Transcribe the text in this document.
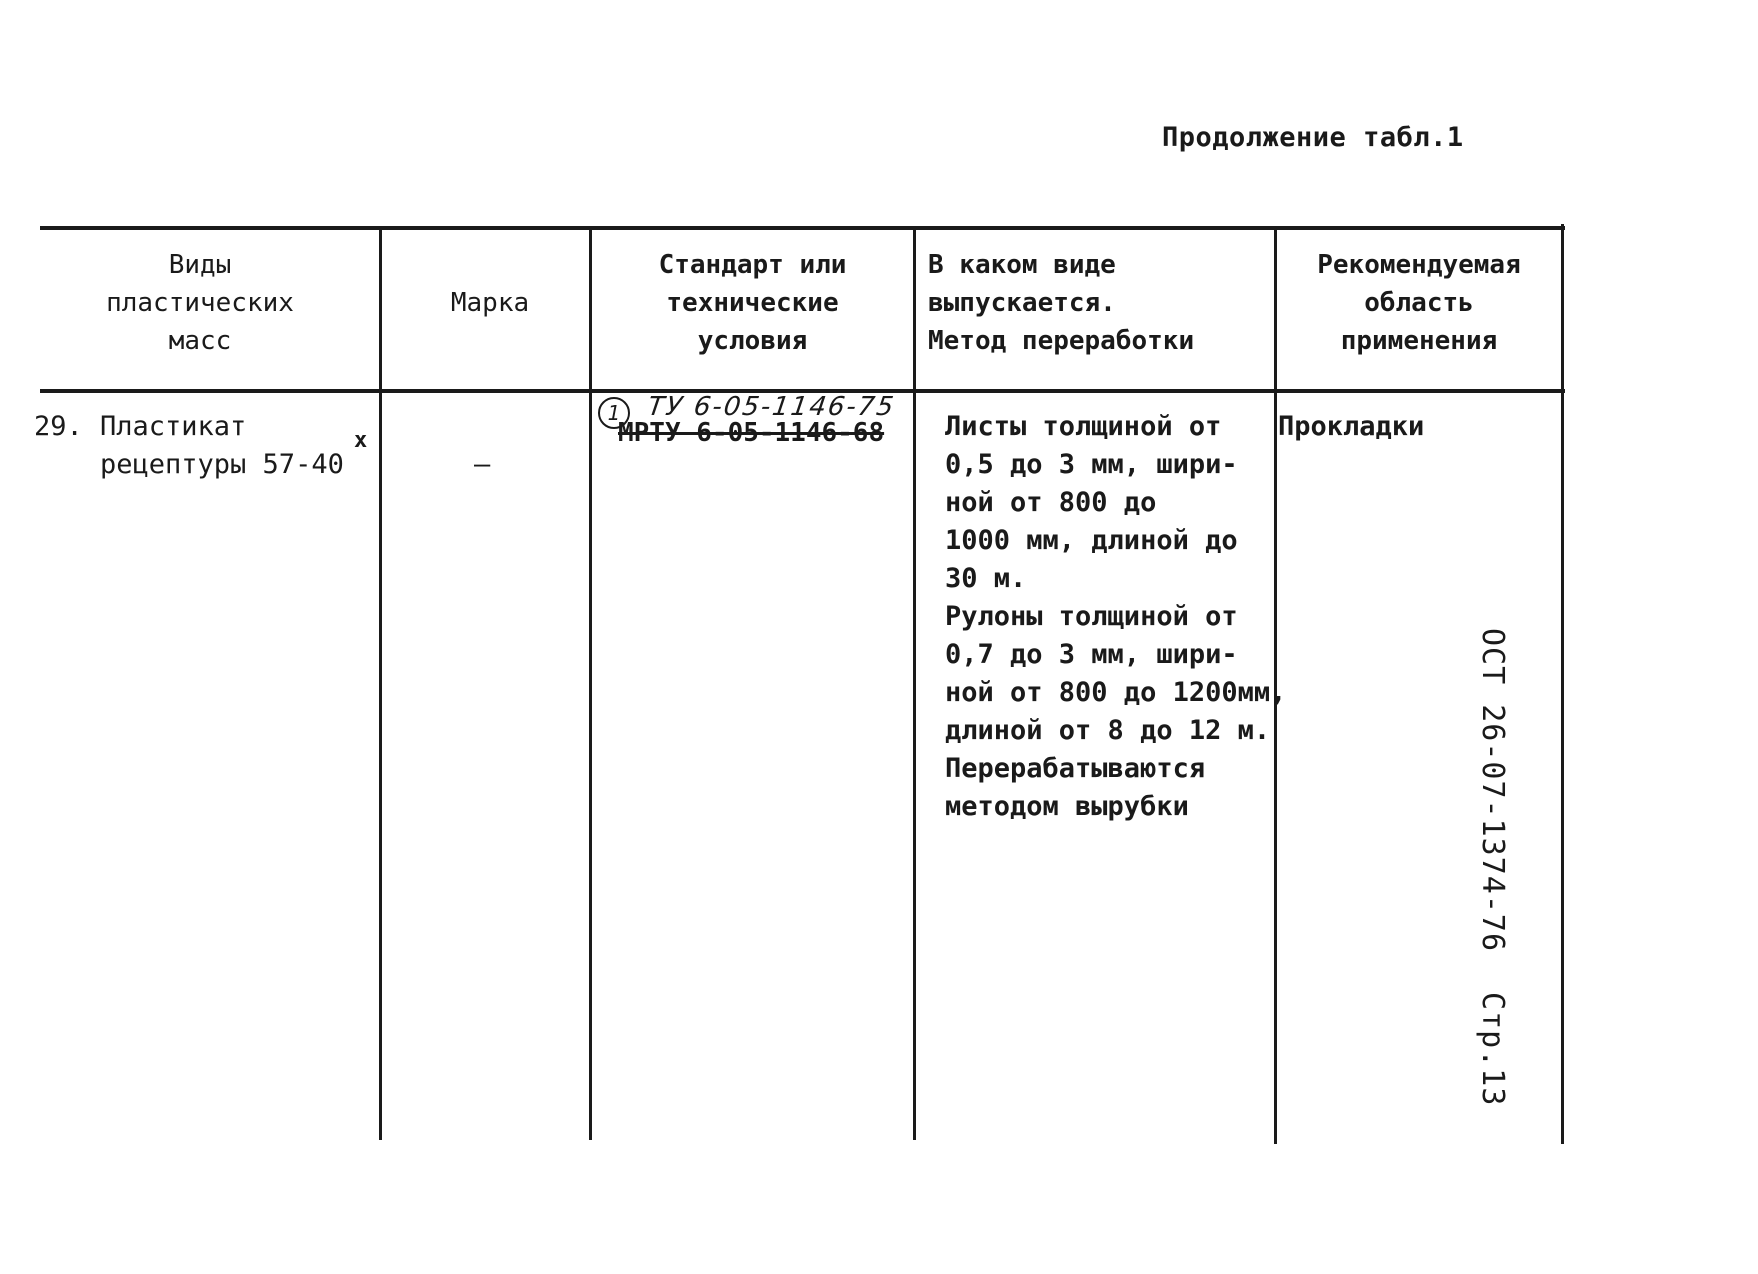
Продолжение табл.1
Виды
пластических
масс
Марка
Стандарт или
технические
условия
В каком виде
выпускается.
Метод переработки
Рекомендуемая
область
применения
29. Пластикат
рецептуры 57-40
x
—
1 ТУ 6-05-1146-75
МРТУ 6-05-1146-68 Листы толщиной от
0,5 до 3 мм, шири-
ной от 800 до
1000 мм, длиной до
30 м.
Рулоны толщиной от
0,7 до 3 мм, шири-
ной от 800 до 1200мм,
длиной от 8 до 12 м.
Перерабатываются
методом вырубки
Прокладки
ОСТ 26-07-1374-76Стр.13
